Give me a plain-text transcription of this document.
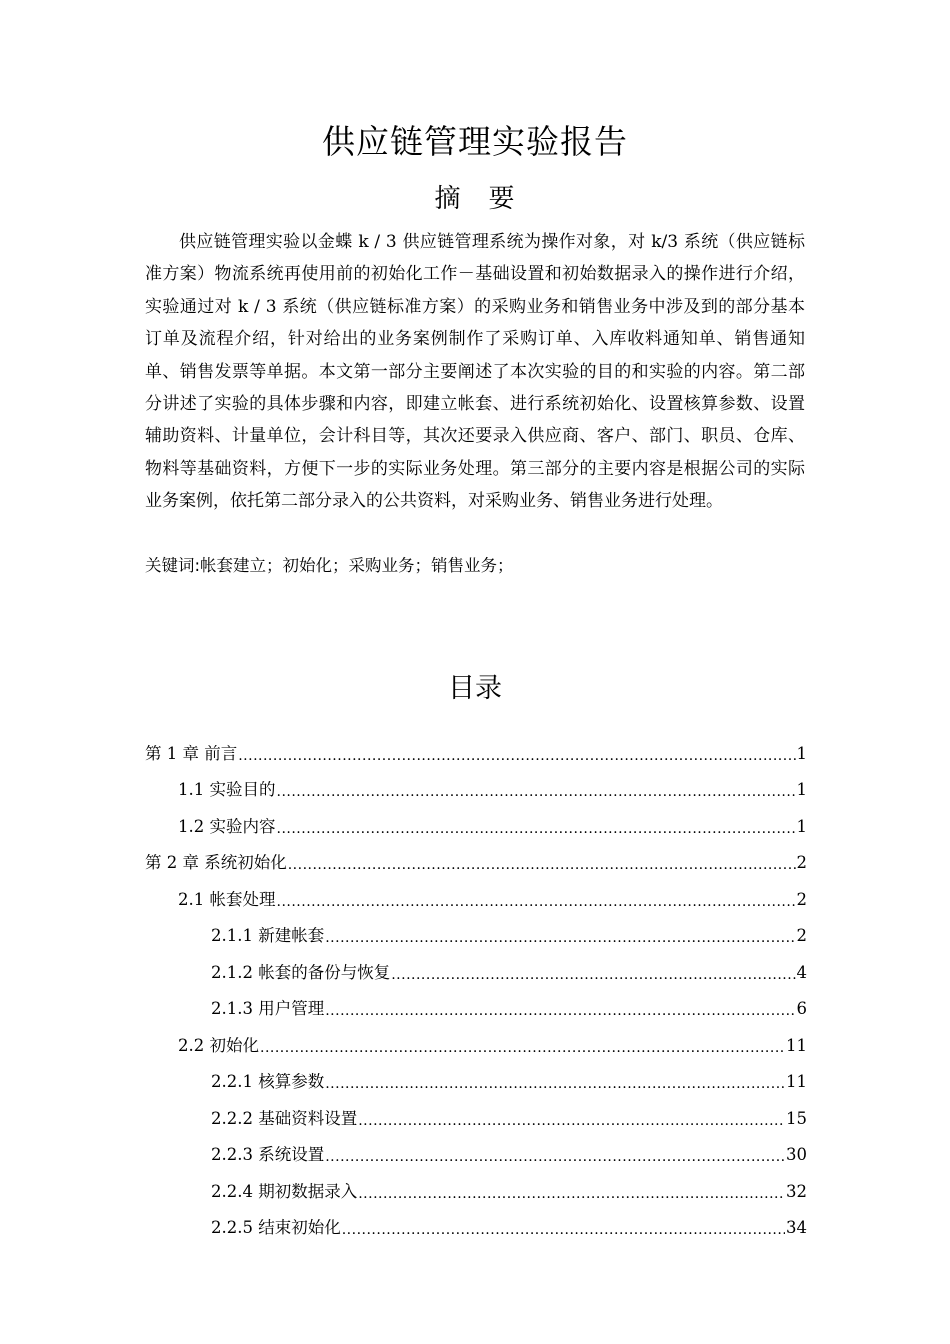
供应链管理实验报告
摘　要
供应链管理实验以金蝶 k / 3 供应链管理系统为操作对象，对 k/3 系统（供应链标准方案）物流系统再使用前的初始化工作－基础设置和初始数据录入的操作进行介绍，实验通过对 k / 3 系统（供应链标准方案）的采购业务和销售业务中涉及到的部分基本订单及流程介绍，针对给出的业务案例制作了采购订单、入库收料通知单、销售通知单、销售发票等单据。本文第一部分主要阐述了本次实验的目的和实验的内容。第二部分讲述了实验的具体步骤和内容，即建立帐套、进行系统初始化、设置核算参数、设置辅助资料、计量单位，会计科目等，其次还要录入供应商、客户、部门、职员、仓库、物料等基础资料，方便下一步的实际业务处理。第三部分的主要内容是根据公司的实际业务案例，依托第二部分录入的公共资料，对采购业务、销售业务进行处理。
关键词:帐套建立；初始化；采购业务；销售业务；
目录
第 1 章 前言 .....	1
1.1 实验目的 .....	1
1.2 实验内容 .....	1
第 2 章 系统初始化 .....	2
2.1 帐套处理 .....	2
2.1.1 新建帐套 .....	2
2.1.2 帐套的备份与恢复 .....	4
2.1.3 用户管理 .....	6
2.2 初始化 .....	11
2.2.1 核算参数 .....	11
2.2.2 基础资料设置 .....	15
2.2.3 系统设置 .....	30
2.2.4 期初数据录入 .....	32
2.2.5 结束初始化 .....	34
